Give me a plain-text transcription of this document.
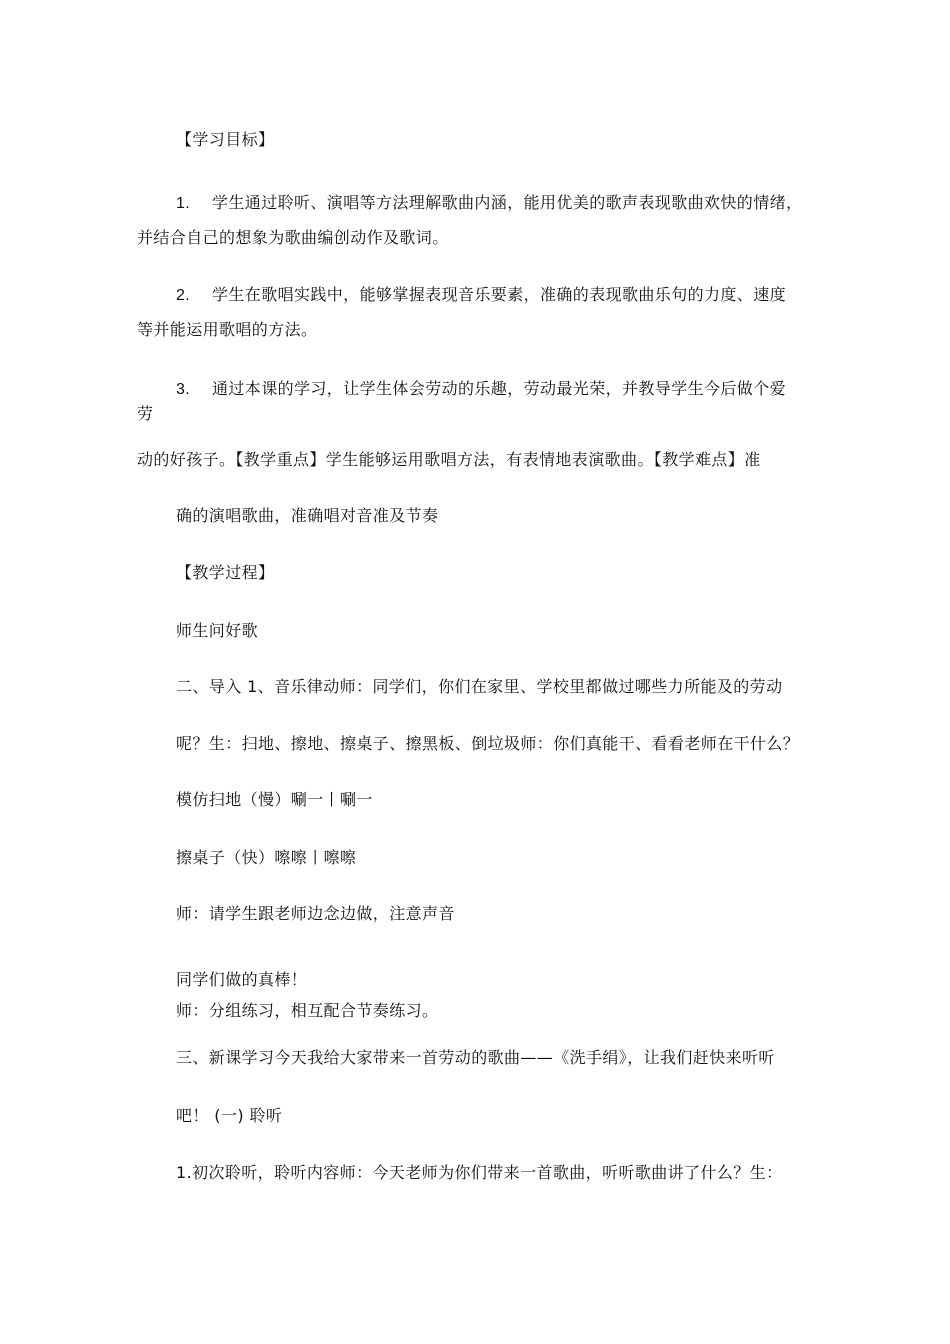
【学习目标】
1. 学生通过聆听、演唱等方法理解歌曲内涵，能用优美的歌声表现歌曲欢快的情绪，
并结合自己的想象为歌曲编创动作及歌词。
2. 学生在歌唱实践中，能够掌握表现音乐要素，准确的表现歌曲乐句的力度、速度
等并能运用歌唱的方法。
3. 通过本课的学习，让学生体会劳动的乐趣，劳动最光荣，并教导学生今后做个爱
劳
动的好孩子。【教学重点】学生能够运用歌唱方法，有表情地表演歌曲。【教学难点】准
确的演唱歌曲，准确唱对音准及节奏
【教学过程】
师生问好歌
二、导入 1、音乐律动师：同学们，你们在家里、学校里都做过哪些力所能及的劳动
呢？生：扫地、擦地、擦桌子、擦黑板、倒垃圾师：你们真能干、看看老师在干什么？
模仿扫地（慢）唰一丨唰一
擦桌子（快）嚓嚓丨嚓嚓
师：请学生跟老师边念边做，注意声音
同学们做的真棒！
师：分组练习，相互配合节奏练习。
三、新课学习今天我给大家带来一首劳动的歌曲——《洗手绢》，让我们赶快来听听
吧！ (一) 聆听
1.初次聆听，聆听内容师：今天老师为你们带来一首歌曲，听听歌曲讲了什么？生：
